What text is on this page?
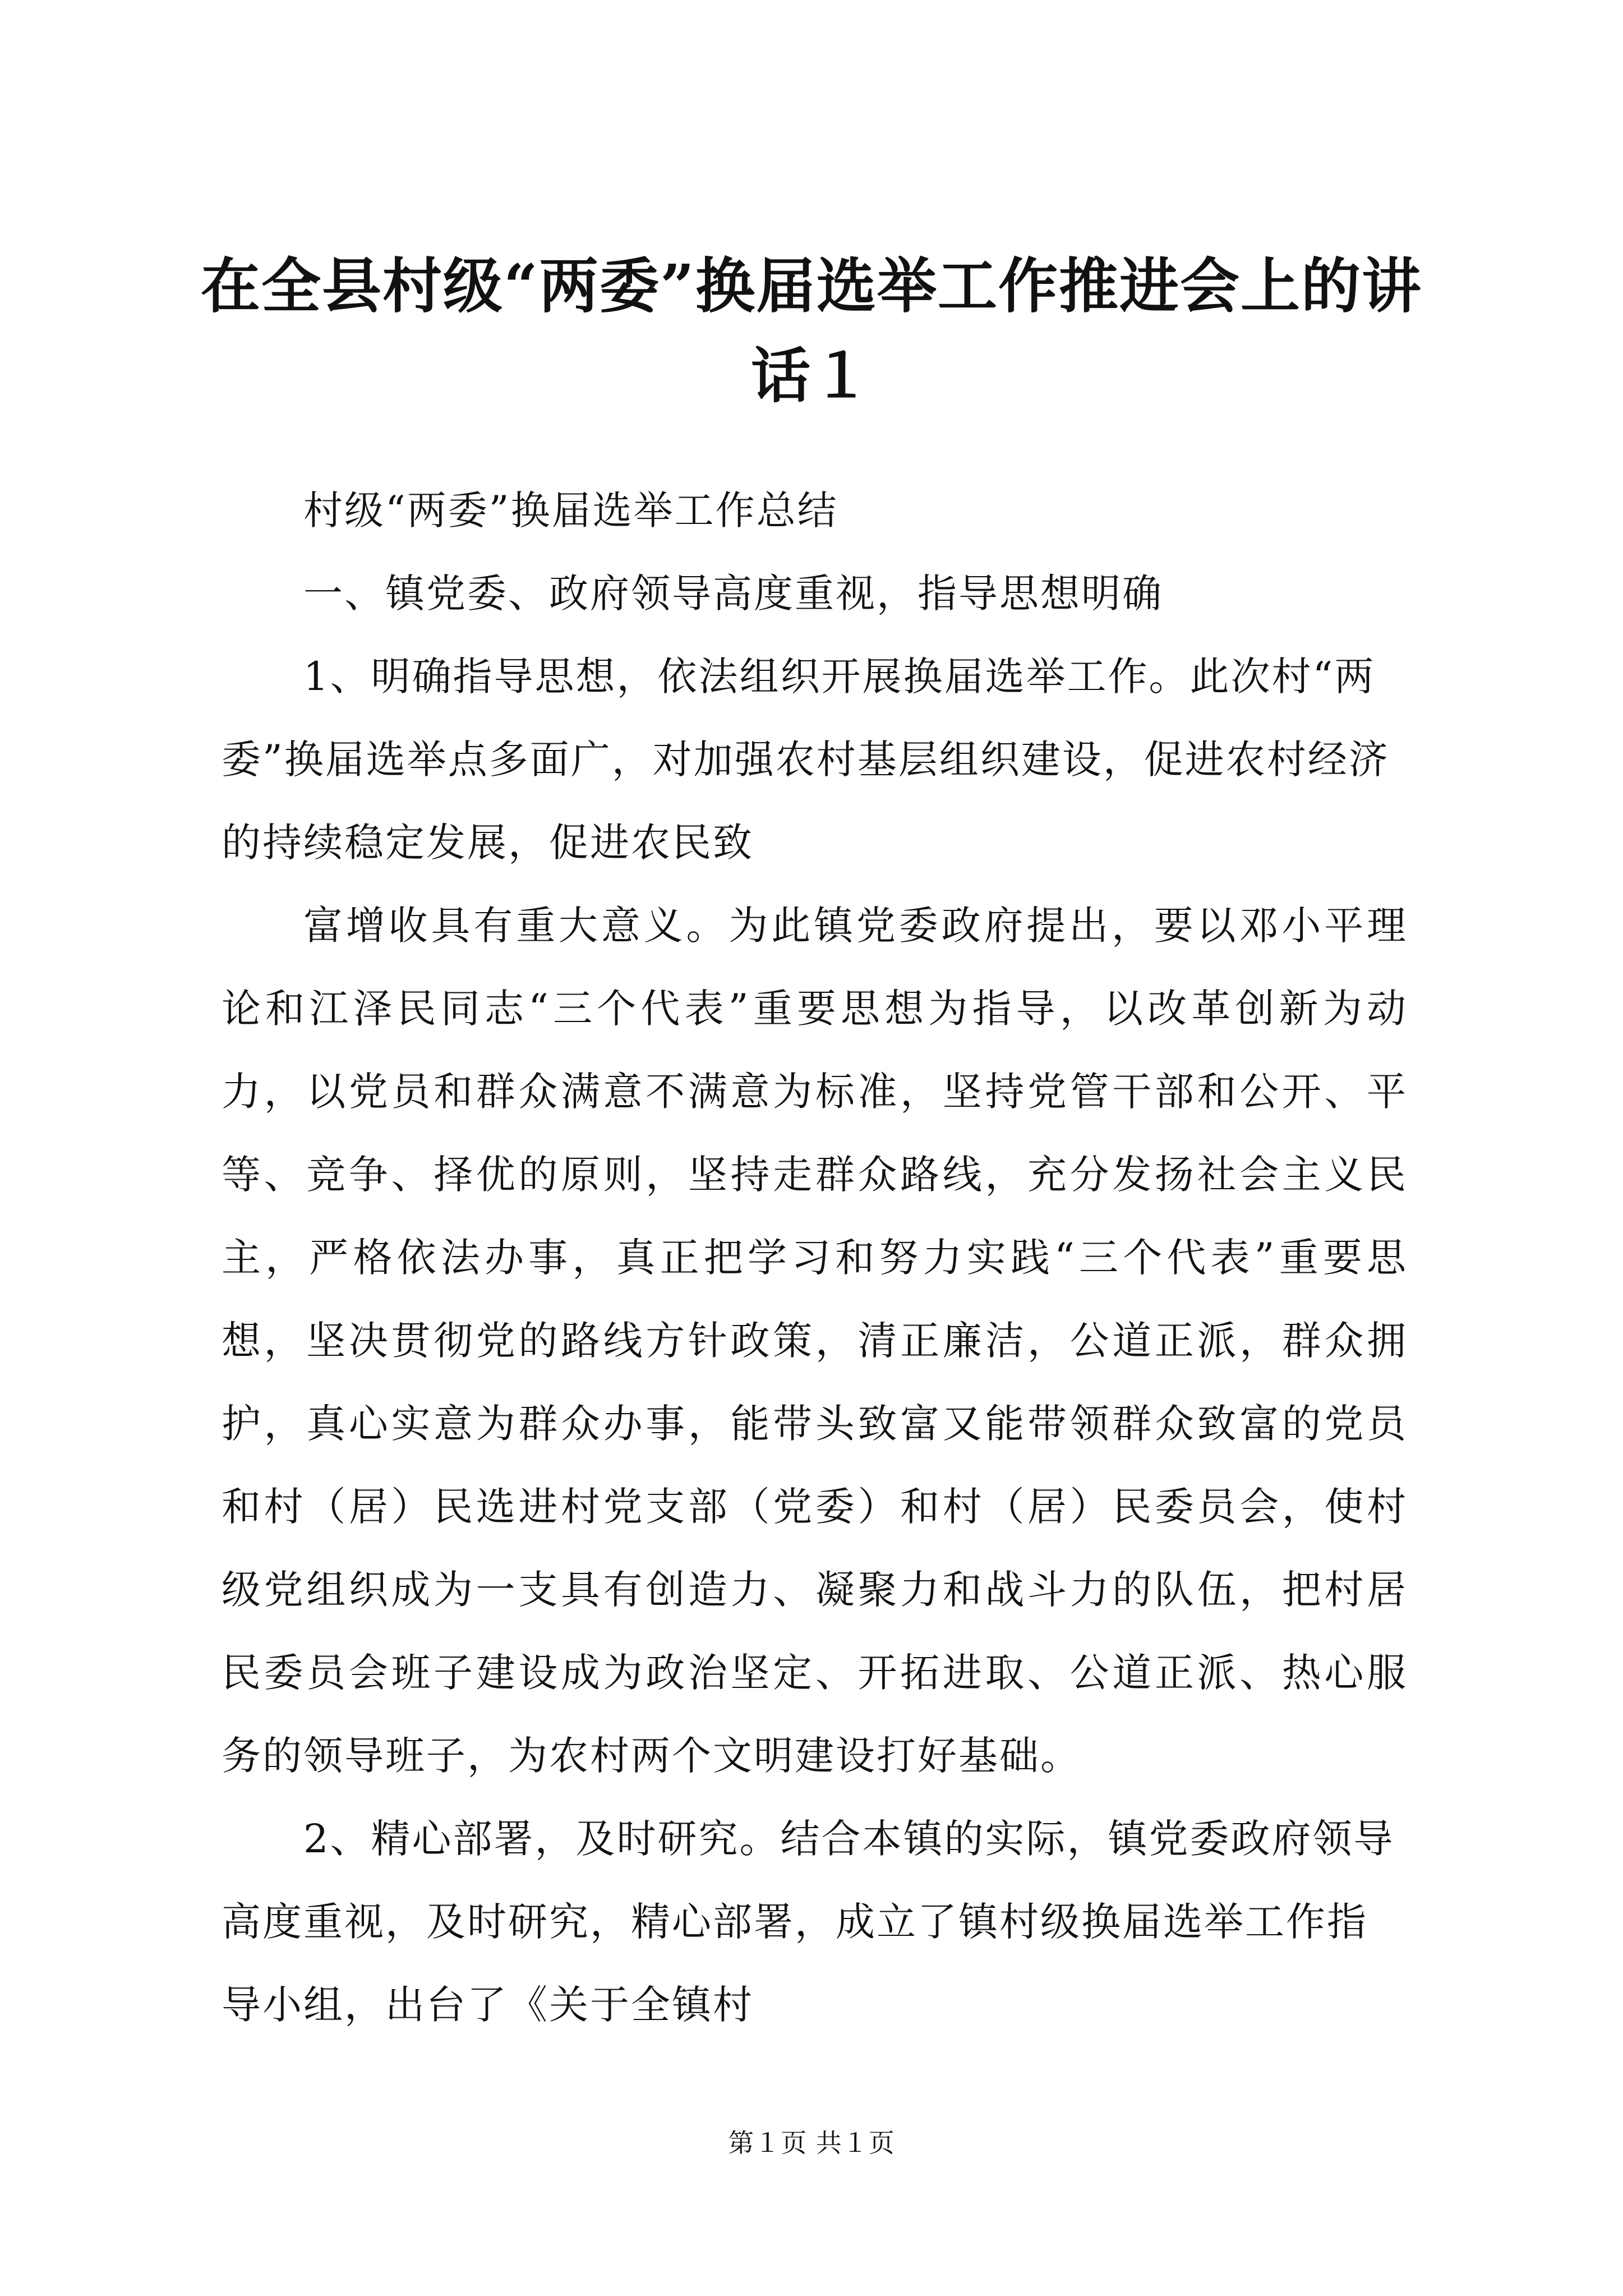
在全县村级“两委”换届选举工作推进会上的讲话１

村级“两委”换届选举工作总结

一、镇党委、政府领导高度重视，指导思想明确

1、明确指导思想，依法组织开展换届选举工作。此次村“两委”换届选举点多面广，对加强农村基层组织建设，促进农村经济的持续稳定发展，促进农民致

富增收具有重大意义。为此镇党委政府提出，要以邓小平理论和江泽民同志“三个代表”重要思想为指导，以改革创新为动力，以党员和群众满意不满意为标准，坚持党管干部和公开、平等、竞争、择优的原则，坚持走群众路线，充分发扬社会主义民主，严格依法办事，真正把学习和努力实践“三个代表”重要思想，坚决贯彻党的路线方针政策，清正廉洁，公道正派，群众拥护，真心实意为群众办事，能带头致富又能带领群众致富的党员和村（居）民选进村党支部（党委）和村（居）民委员会，使村级党组织成为一支具有创造力、凝聚力和战斗力的队伍，把村居民委员会班子建设成为政治坚定、开拓进取、公道正派、热心服务的领导班子，为农村两个文明建设打好基础。

2、精心部署，及时研究。结合本镇的实际，镇党委政府领导高度重视，及时研究，精心部署，成立了镇村级换届选举工作指导小组，出台了《关于全镇村

第１页 共１页
